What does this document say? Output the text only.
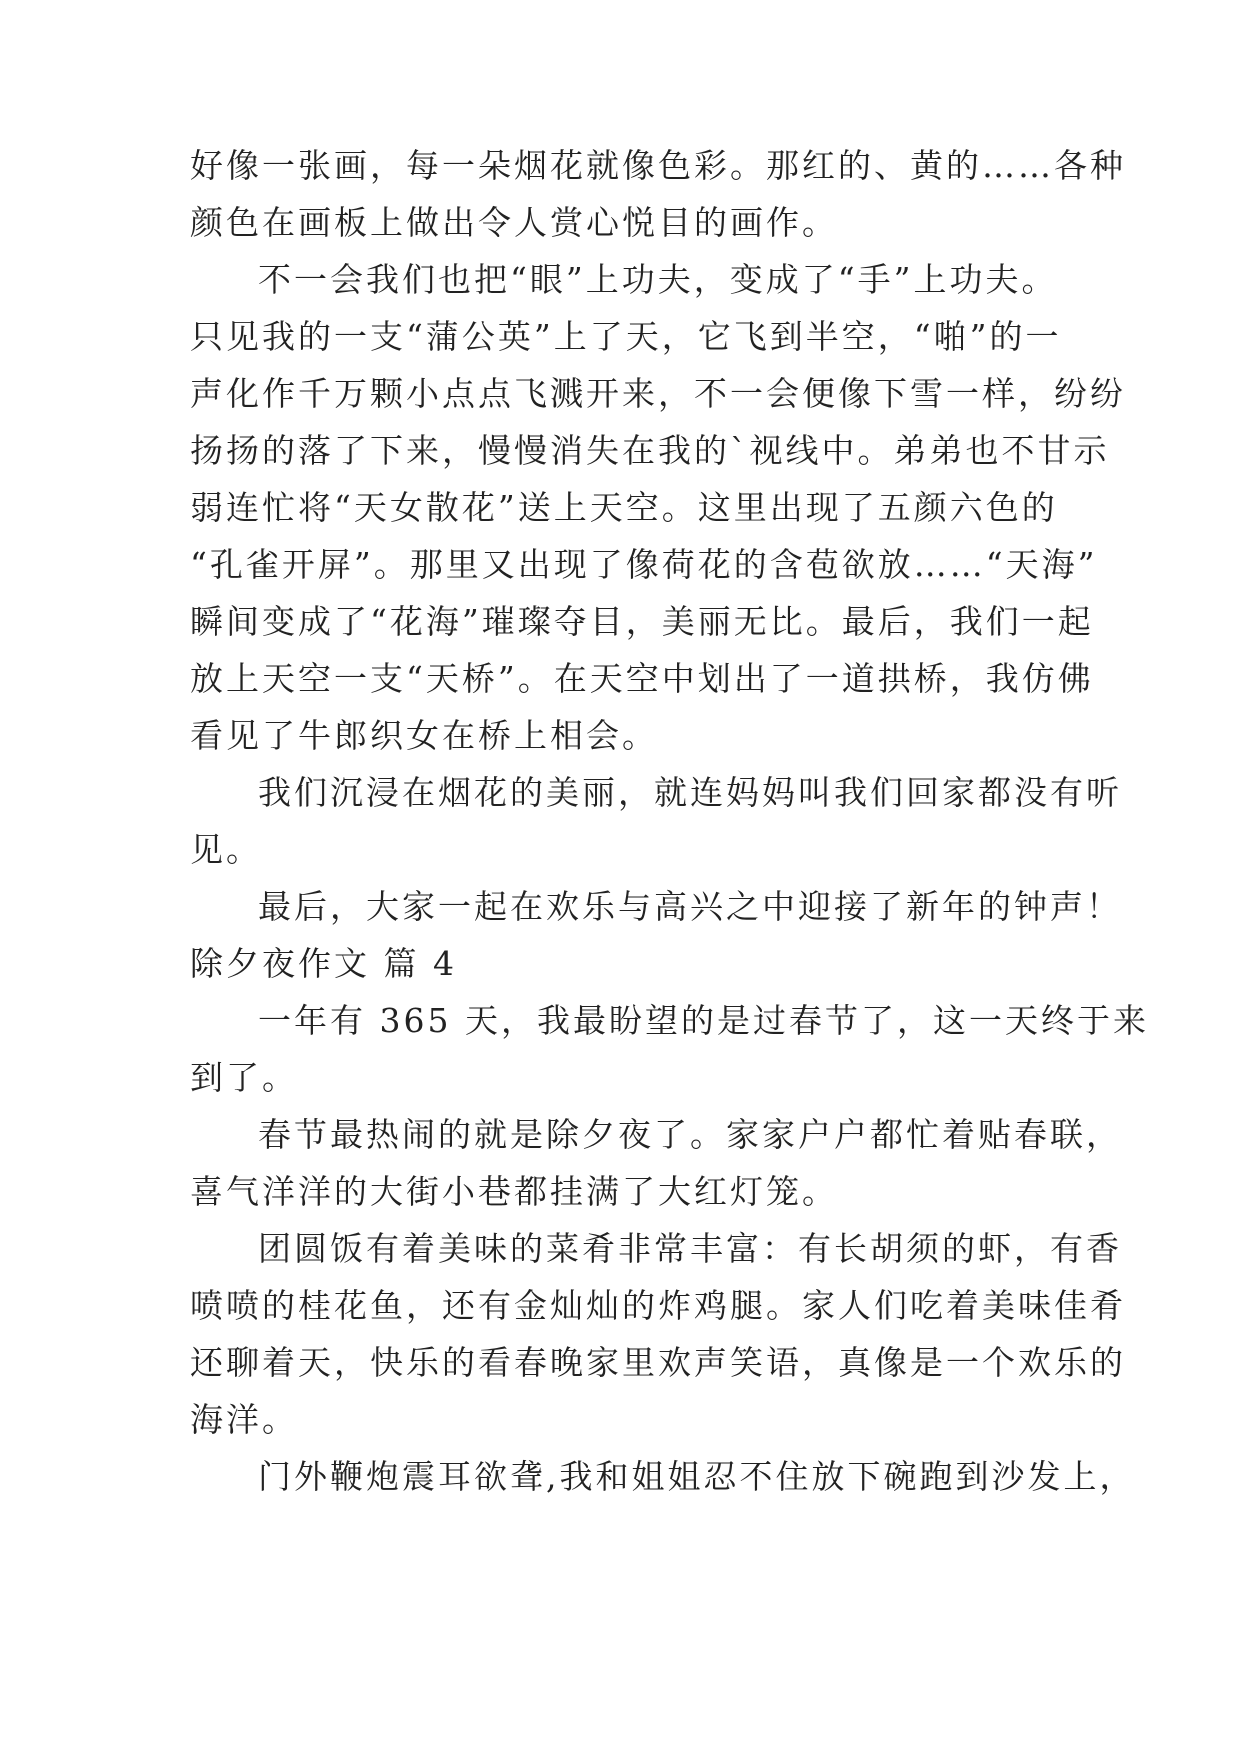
好像一张画，每一朵烟花就像色彩。那红的、黄的……各种
颜色在画板上做出令人赏心悦目的画作。
不一会我们也把“眼”上功夫，变成了“手”上功夫。
只见我的一支“蒲公英”上了天，它飞到半空，“啪”的一
声化作千万颗小点点飞溅开来，不一会便像下雪一样，纷纷
扬扬的落了下来，慢慢消失在我的`视线中。弟弟也不甘示
弱连忙将“天女散花”送上天空。这里出现了五颜六色的
“孔雀开屏”。那里又出现了像荷花的含苞欲放……“天海”
瞬间变成了“花海”璀璨夺目，美丽无比。最后，我们一起
放上天空一支“天桥”。在天空中划出了一道拱桥，我仿佛
看见了牛郎织女在桥上相会。
我们沉浸在烟花的美丽，就连妈妈叫我们回家都没有听
见。
最后，大家一起在欢乐与高兴之中迎接了新年的钟声！
除夕夜作文 篇 4
一年有 365 天，我最盼望的是过春节了，这一天终于来
到了。
春节最热闹的就是除夕夜了。家家户户都忙着贴春联，
喜气洋洋的大街小巷都挂满了大红灯笼。
团圆饭有着美味的菜肴非常丰富：有长胡须的虾，有香
喷喷的桂花鱼，还有金灿灿的炸鸡腿。家人们吃着美味佳肴
还聊着天，快乐的看春晚家里欢声笑语，真像是一个欢乐的
海洋。
门外鞭炮震耳欲聋,我和姐姐忍不住放下碗跑到沙发上，
